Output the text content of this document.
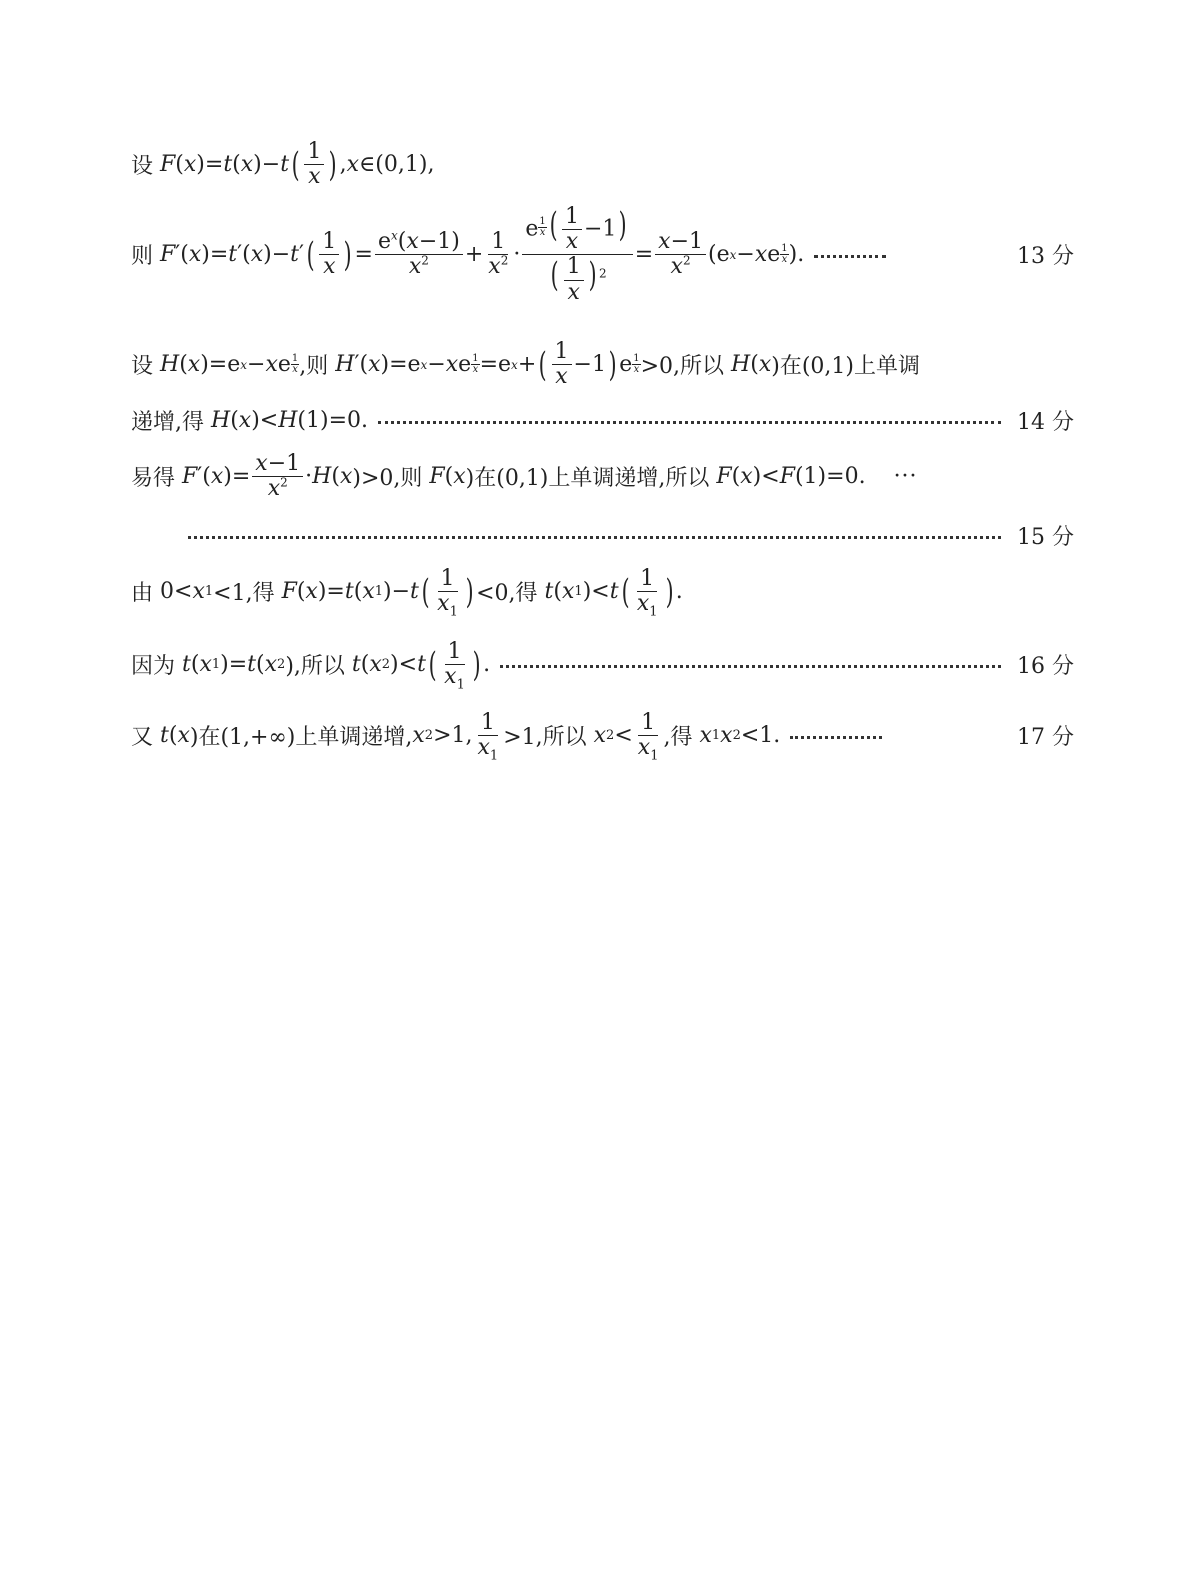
设 F ( x )= t ( x )− t ( $\frac{1}{x}$ ) , x ∈(0,1),
则 F ′( x )= t ′( x )− t ′ ( $\frac{1}{x}$ ) = $\frac{e^x(x-1)}{x^2} + \frac{1}{x^2} \cdot \frac{e \frac{1}{x} ( \frac{1}{x} -1)}{( \frac{1}{x} ) ^2} = \frac{x-1}{x^2} (e$ x − x e $\frac{1}{x}$ ).	13 分
设 H ( x )=e x − x e $\frac{1}{x}$ ,则 H ′( x )=e x − x e $\frac{1}{x} =e$ x + ( $\frac{1}{x} -1$ ) e $\frac{1}{x} >0$,所以 H ( x )在(0,1)上单调
递增,得 H ( x )< H (1)=0.	14 分
易得 F ′( x )= $\frac{x-1}{x^2} \cdot H$ ( x )>0,则 F ( x )在(0,1)上单调递增,所以 F ( x )< F (1)=0. ···
15 分
由 0< x 1 <1,得 F ( x )= t ( x 1 )− t ( $\frac{1}{x_1}$ ) <0,得 t ( x 1 )< t ( $\frac{1}{x_1}$ ) .
因为 t ( x 1 )= t ( x 2 ),所以 t ( x 2 )< t ( $\frac{1}{x_1}$ ) .	16 分
又 t ( x )在(1,+∞)上单调递增, x 2 >1, $\frac{1}{x_1} >1$,所以 x $2 < \frac{1}{x_1}$ ,得 x 1 x 2 <1.	17 分
